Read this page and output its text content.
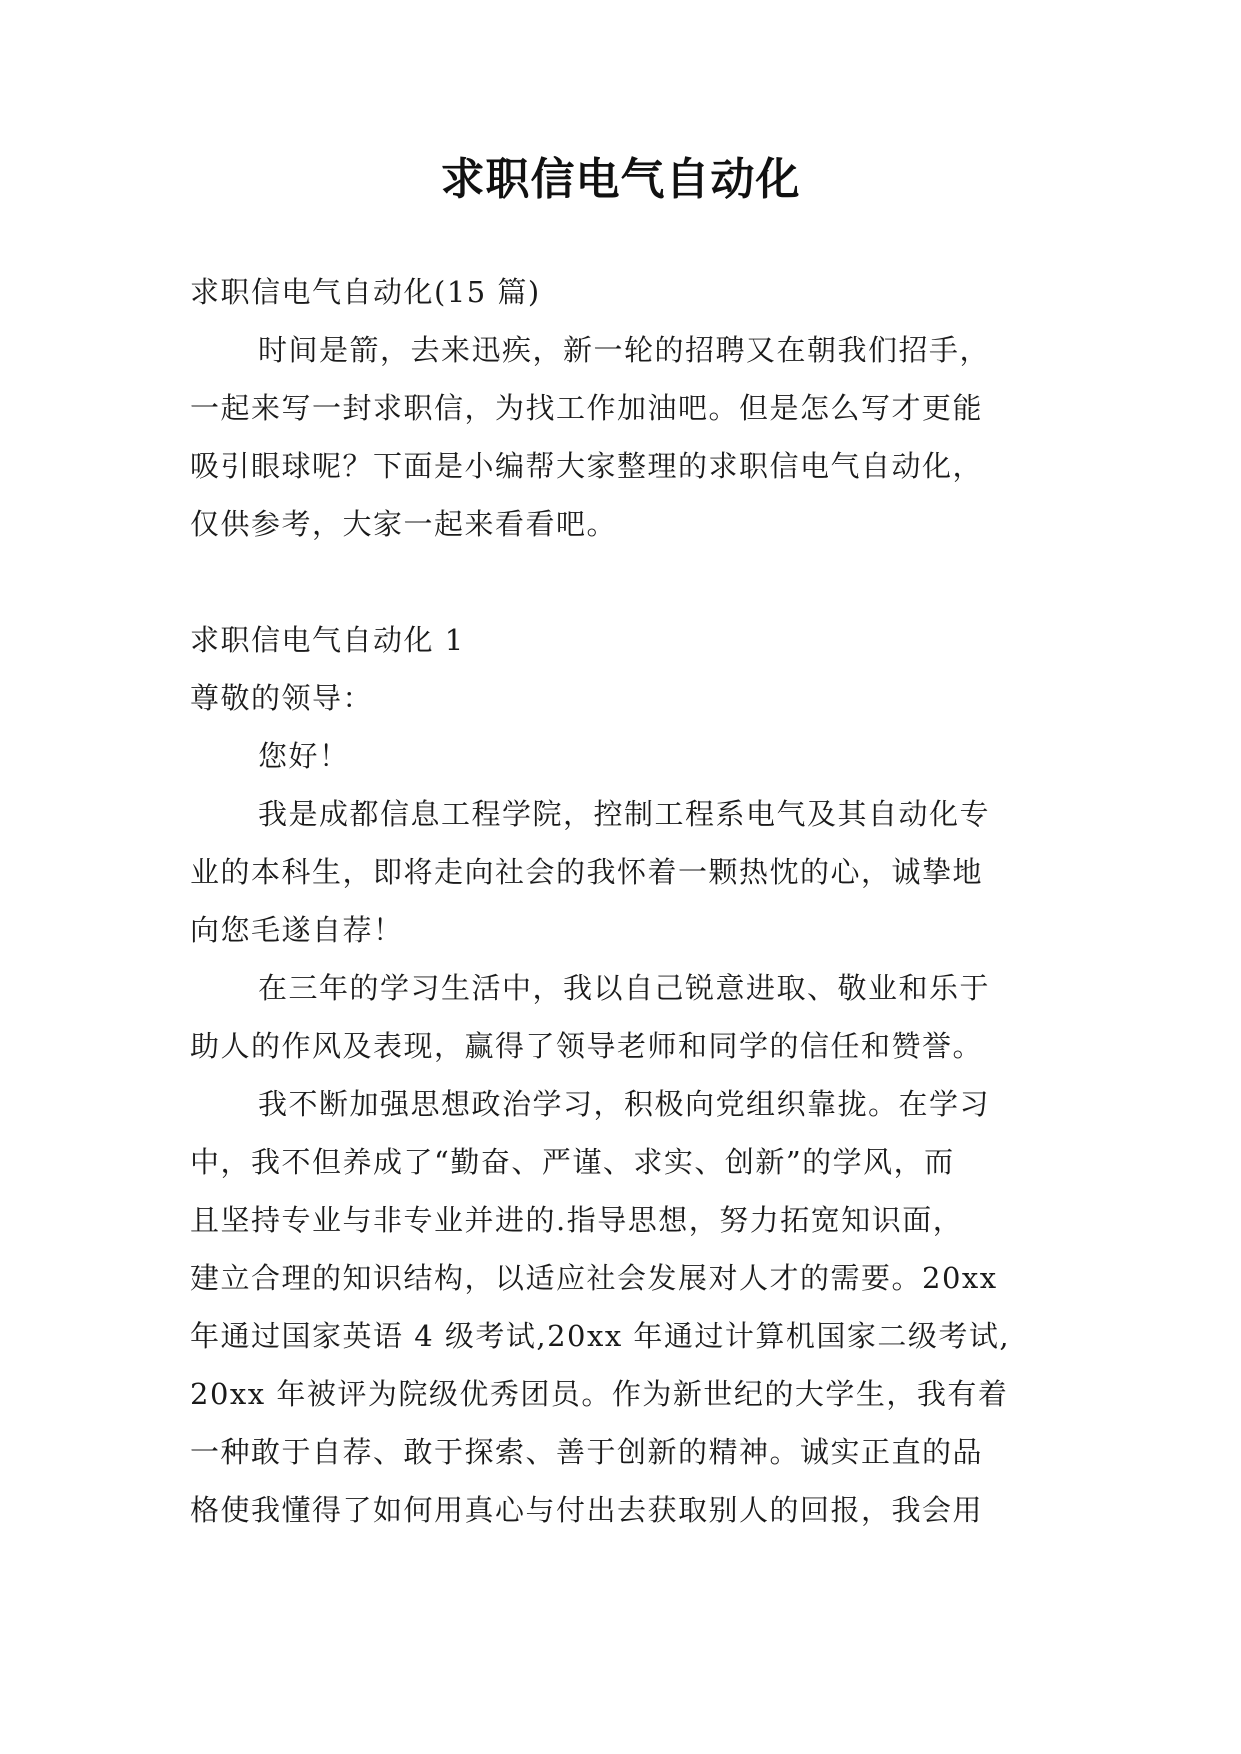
求职信电气自动化

求职信电气自动化(15 篇)

时间是箭，去来迅疾，新一轮的招聘又在朝我们招手，

一起来写一封求职信，为找工作加油吧。但是怎么写才更能

吸引眼球呢？下面是小编帮大家整理的求职信电气自动化，

仅供参考，大家一起来看看吧。

求职信电气自动化 1

尊敬的领导：

您好！

我是成都信息工程学院，控制工程系电气及其自动化专

业的本科生，即将走向社会的我怀着一颗热忱的心，诚挚地

向您毛遂自荐！

在三年的学习生活中，我以自己锐意进取、敬业和乐于

助人的作风及表现，赢得了领导老师和同学的信任和赞誉。

我不断加强思想政治学习，积极向党组织靠拢。在学习

中，我不但养成了“勤奋、严谨、求实、创新”的学风，而

且坚持专业与非专业并进的.指导思想，努力拓宽知识面，

建立合理的知识结构，以适应社会发展对人才的需要。20xx

年通过国家英语 4 级考试,20xx 年通过计算机国家二级考试,

20xx 年被评为院级优秀团员。作为新世纪的大学生，我有着

一种敢于自荐、敢于探索、善于创新的精神。诚实正直的品

格使我懂得了如何用真心与付出去获取别人的回报，我会用
